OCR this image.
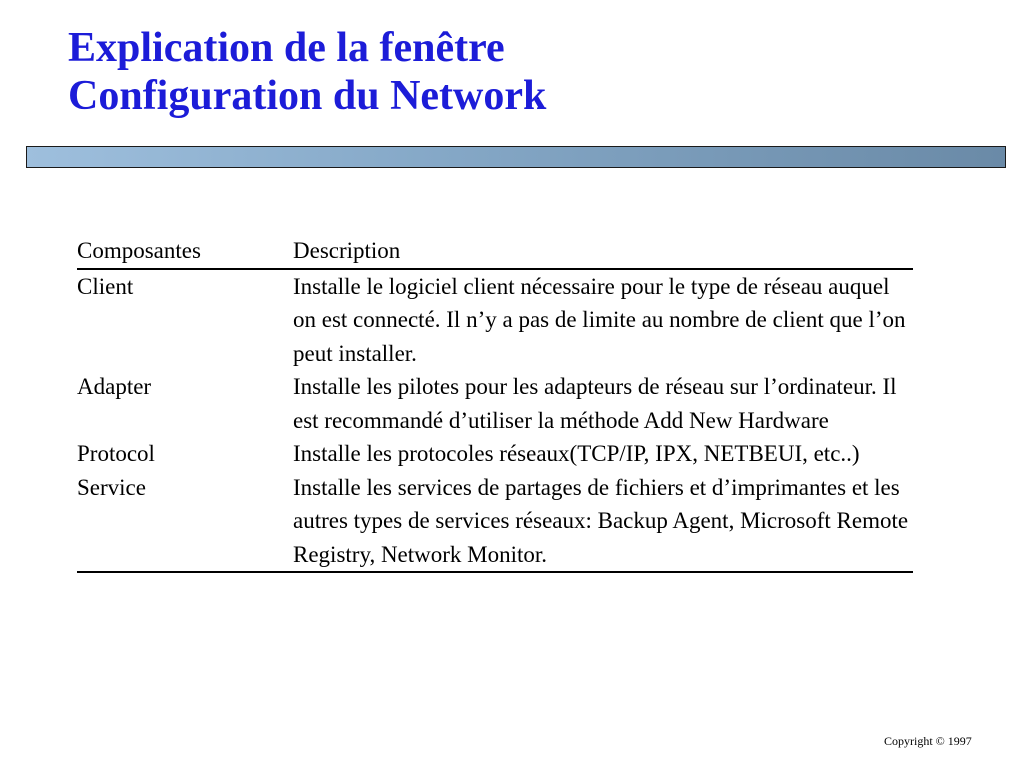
Explication de la fenêtre
Configuration du Network
Composantes	Description
Client	Installe le logiciel client nécessaire pour le type de réseau auquel on est connecté. Il n’y a pas de limite au nombre de client que l’on peut installer.
Adapter	Installe les pilotes pour les adapteurs de réseau sur l’ordinateur. Il est recommandé d’utiliser la méthode Add New Hardware
Protocol	Installe les protocoles réseaux(TCP/IP, IPX, NETBEUI, etc..)
Service	Installe les services de partages de fichiers et d’imprimantes et les autres types de services réseaux: Backup Agent, Microsoft Remote Registry, Network Monitor.
Copyright © 1997
